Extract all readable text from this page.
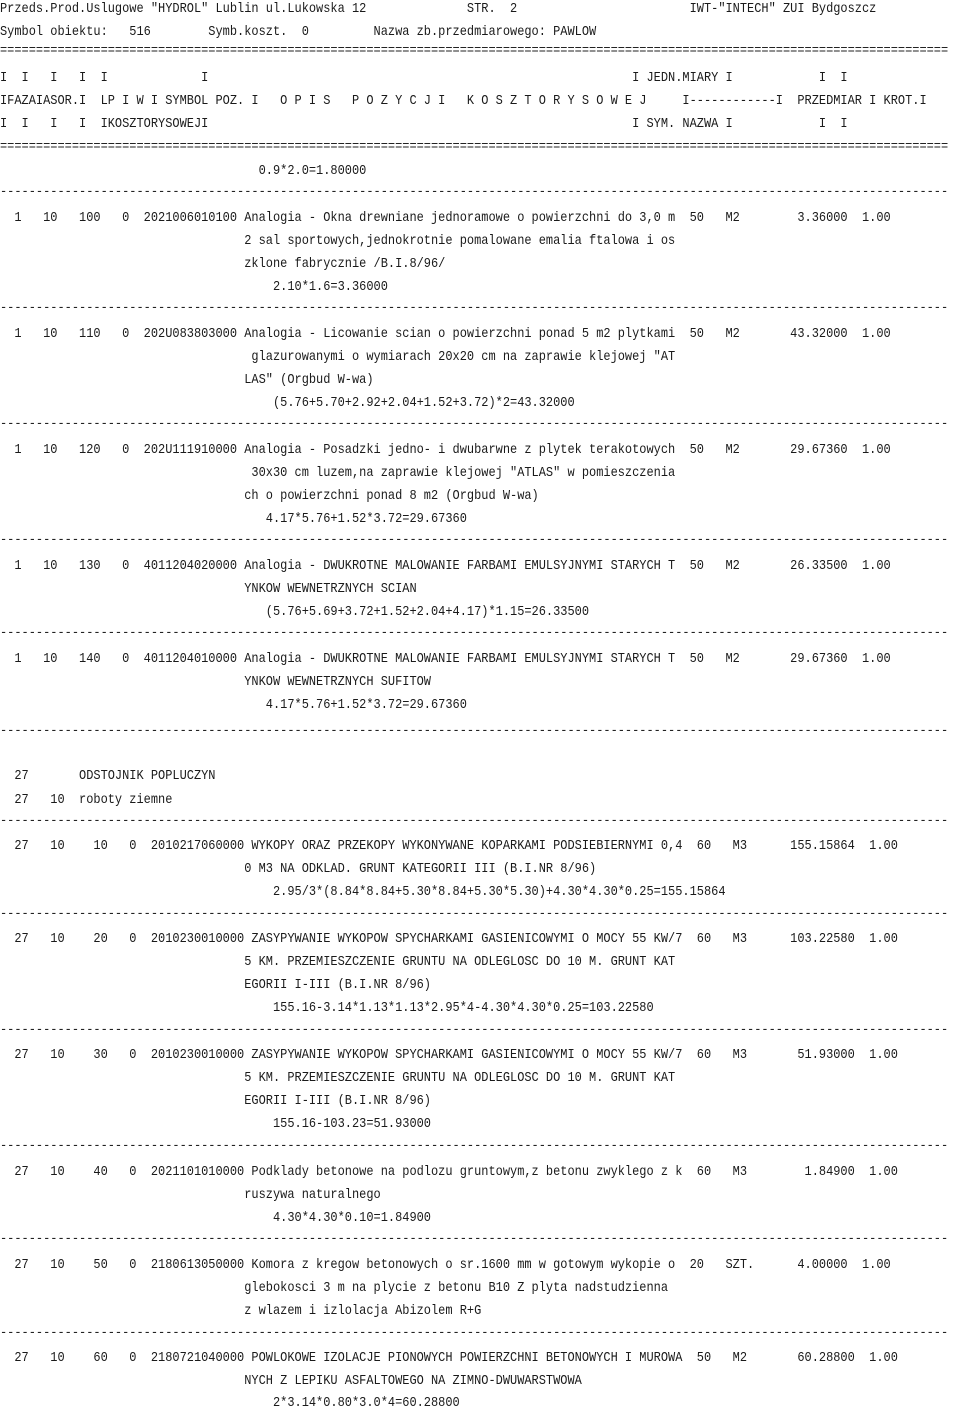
Przeds.Prod.Uslugowe "HYDROL" Lublin ul.Lukowska 12              STR.  2                        IWT-"INTECH" ZUI Bydgoszcz
Symbol obiektu:   516        Symb.koszt.  0         Nazwa zb.przedmiarowego: PAWLOW
====================================================================================================================================
I  I   I   I  I             I                                                           I JEDN.MIARY I            I  I
IFAZAIASOR.I  LP I W I SYMBOL POZ. I   O P I S   P O Z Y C J I   K O S Z T O R Y S O W E J     I------------I  PRZEDMIAR I KROT.I
I  I   I   I  IKOSZTORYSOWEJI                                                           I SYM. NAZWA I            I  I
====================================================================================================================================
0.9*2.0=1.80000
------------------------------------------------------------------------------------------------------------------------------------
1   10   100   0  2021006010100 Analogia - Okna drewniane jednoramowe o powierzchni do 3,0 m  50   M2        3.36000  1.00
2 sal sportowych,jednokrotnie pomalowane emalia ftalowa i os
zklone fabrycznie /B.I.8/96/
2.10*1.6=3.36000
------------------------------------------------------------------------------------------------------------------------------------
1   10   110   0  202U083803000 Analogia - Licowanie scian o powierzchni ponad 5 m2 plytkami  50   M2       43.32000  1.00
glazurowanymi o wymiarach 20x20 cm na zaprawie klejowej "AT
LAS" (Orgbud W-wa)
(5.76+5.70+2.92+2.04+1.52+3.72)*2=43.32000
------------------------------------------------------------------------------------------------------------------------------------
1   10   120   0  202U111910000 Analogia - Posadzki jedno- i dwubarwne z plytek terakotowych  50   M2       29.67360  1.00
30x30 cm luzem,na zaprawie klejowej "ATLAS" w pomieszczenia
ch o powierzchni ponad 8 m2 (Orgbud W-wa)
4.17*5.76+1.52*3.72=29.67360
------------------------------------------------------------------------------------------------------------------------------------
1   10   130   0  4011204020000 Analogia - DWUKROTNE MALOWANIE FARBAMI EMULSYJNYMI STARYCH T  50   M2       26.33500  1.00
YNKOW WEWNETRZNYCH SCIAN
(5.76+5.69+3.72+1.52+2.04+4.17)*1.15=26.33500
------------------------------------------------------------------------------------------------------------------------------------
1   10   140   0  4011204010000 Analogia - DWUKROTNE MALOWANIE FARBAMI EMULSYJNYMI STARYCH T  50   M2       29.67360  1.00
YNKOW WEWNETRZNYCH SUFITOW
4.17*5.76+1.52*3.72=29.67360
------------------------------------------------------------------------------------------------------------------------------------
27       ODSTOJNIK POPLUCZYN
27   10  roboty ziemne
------------------------------------------------------------------------------------------------------------------------------------
27   10    10   0  2010217060000 WYKOPY ORAZ PRZEKOPY WYKONYWANE KOPARKAMI PODSIEBIERNYMI 0,4  60   M3      155.15864  1.00
0 M3 NA ODKLAD. GRUNT KATEGORII III (B.I.NR 8/96)
2.95/3*(8.84*8.84+5.30*8.84+5.30*5.30)+4.30*4.30*0.25=155.15864
------------------------------------------------------------------------------------------------------------------------------------
27   10    20   0  2010230010000 ZASYPYWANIE WYKOPOW SPYCHARKAMI GASIENICOWYMI O MOCY 55 KW/7  60   M3      103.22580  1.00
5 KM. PRZEMIESZCZENIE GRUNTU NA ODLEGLOSC DO 10 M. GRUNT KAT
EGORII I-III (B.I.NR 8/96)
155.16-3.14*1.13*1.13*2.95*4-4.30*4.30*0.25=103.22580
------------------------------------------------------------------------------------------------------------------------------------
27   10    30   0  2010230010000 ZASYPYWANIE WYKOPOW SPYCHARKAMI GASIENICOWYMI O MOCY 55 KW/7  60   M3       51.93000  1.00
5 KM. PRZEMIESZCZENIE GRUNTU NA ODLEGLOSC DO 10 M. GRUNT KAT
EGORII I-III (B.I.NR 8/96)
155.16-103.23=51.93000
------------------------------------------------------------------------------------------------------------------------------------
27   10    40   0  2021101010000 Podklady betonowe na podlozu gruntowym,z betonu zwyklego z k  60   M3        1.84900  1.00
ruszywa naturalnego
4.30*4.30*0.10=1.84900
------------------------------------------------------------------------------------------------------------------------------------
27   10    50   0  2180613050000 Komora z kregow betonowych o sr.1600 mm w gotowym wykopie o  20   SZT.      4.00000  1.00
glebokosci 3 m na plycie z betonu B10 Z plyta nadstudzienna
z wlazem i izlolacja Abizolem R+G
------------------------------------------------------------------------------------------------------------------------------------
27   10    60   0  2180721040000 POWLOKOWE IZOLACJE PIONOWYCH POWIERZCHNI BETONOWYCH I MUROWA  50   M2       60.28800  1.00
NYCH Z LEPIKU ASFALTOWEGO NA ZIMNO-DWUWARSTWOWA
2*3.14*0.80*3.0*4=60.28800
